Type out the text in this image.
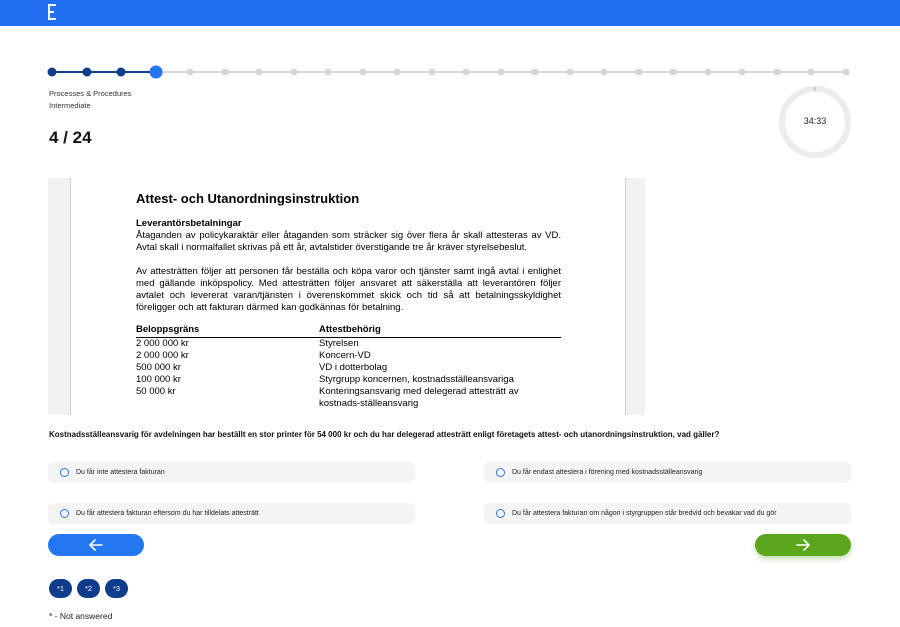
Processes & Procedures
Intermediate
4 / 24
34:33
Attest- och Utanordningsinstruktion
Leverantörsbetalningar
Åtaganden av policykaraktär eller åtaganden som sträcker sig över flera år skall attesteras av VD. Avtal skall i normalfallet skrivas på ett år, avtalstider överstigande tre år kräver styrelsebeslut.
Av attesträtten följer att personen får beställa och köpa varor och tjänster samt ingå avtal i enlighet med gällande inköpspolicy. Med attesträtten följer ansvaret att säkerställa att leverantören följer avtalet och levererat varan/tjänsten i överenskommet skick och tid så att betalningsskyldighet föreligger och att fakturan därmed kan godkännas för betalning.
Beloppsgräns	Attestbehörig
2 000 000 kr	Styrelsen
2 000 000 kr	Koncern-VD
500 000 kr	VD i dotterbolag
100 000 kr	Styrgrupp koncernen, kostnadsställeansvariga
50 000 kr	Konteringsansvarig med delegerad attesträtt av kostnads-ställeansvarig
Kostnadsställeansvarig för avdelningen har beställt en stor printer för 54 000 kr och du har delegerad attesträtt enligt företagets attest- och utanordningsinstruktion, vad gäller?
Du får inte attestera fakturan	Du får endast attestera i förening med kostnadsställeansvarig
Du får attestera fakturan eftersom du har tilldelats attesträtt	Du får attestera fakturan om någon i styrgruppen står bredvid och bevakar vad du gör
*1	*2	*3
* - Not answered
